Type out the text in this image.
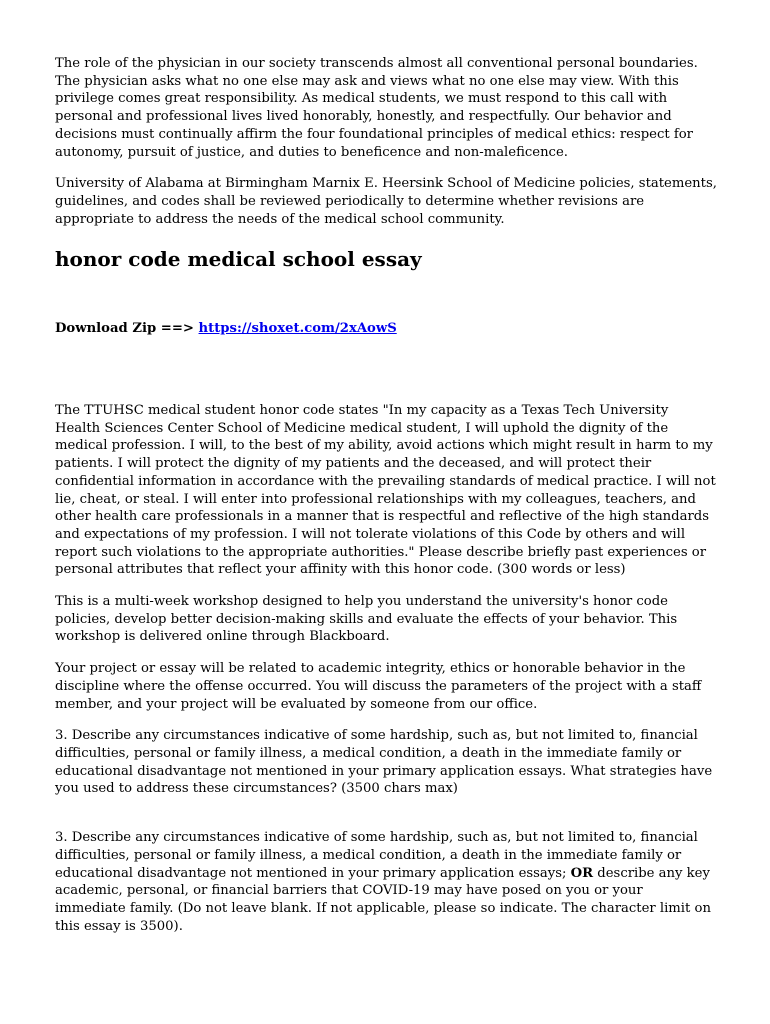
The role of the physician in our society transcends almost all conventional personal boundaries. The physician asks what no one else may ask and views what no one else may view. With this privilege comes great responsibility. As medical students, we must respond to this call with personal and professional lives lived honorably, honestly, and respectfully. Our behavior and decisions must continually affirm the four foundational principles of medical ethics: respect for autonomy, pursuit of justice, and duties to beneficence and non-maleficence.

University of Alabama at Birmingham Marnix E. Heersink School of Medicine policies, statements, guidelines, and codes shall be reviewed periodically to determine whether revisions are appropriate to address the needs of the medical school community.

honor code medical school essay

Download Zip ==> https://shoxet.com/2xAowS

The TTUHSC medical student honor code states "In my capacity as a Texas Tech University Health Sciences Center School of Medicine medical student, I will uphold the dignity of the medical profession. I will, to the best of my ability, avoid actions which might result in harm to my patients. I will protect the dignity of my patients and the deceased, and will protect their confidential information in accordance with the prevailing standards of medical practice. I will not lie, cheat, or steal. I will enter into professional relationships with my colleagues, teachers, and other health care professionals in a manner that is respectful and reflective of the high standards and expectations of my profession. I will not tolerate violations of this Code by others and will report such violations to the appropriate authorities." Please describe briefly past experiences or personal attributes that reflect your affinity with this honor code. (300 words or less)

This is a multi-week workshop designed to help you understand the university's honor code policies, develop better decision-making skills and evaluate the effects of your behavior. This workshop is delivered online through Blackboard.

Your project or essay will be related to academic integrity, ethics or honorable behavior in the discipline where the offense occurred. You will discuss the parameters of the project with a staff member, and your project will be evaluated by someone from our office.

3. Describe any circumstances indicative of some hardship, such as, but not limited to, financial difficulties, personal or family illness, a medical condition, a death in the immediate family or educational disadvantage not mentioned in your primary application essays. What strategies have you used to address these circumstances? (3500 chars max)

3. Describe any circumstances indicative of some hardship, such as, but not limited to, financial difficulties, personal or family illness, a medical condition, a death in the immediate family or educational disadvantage not mentioned in your primary application essays; OR describe any key academic, personal, or financial barriers that COVID-19 may have posed on you or your immediate family. (Do not leave blank. If not applicable, please so indicate. The character limit on this essay is 3500).
